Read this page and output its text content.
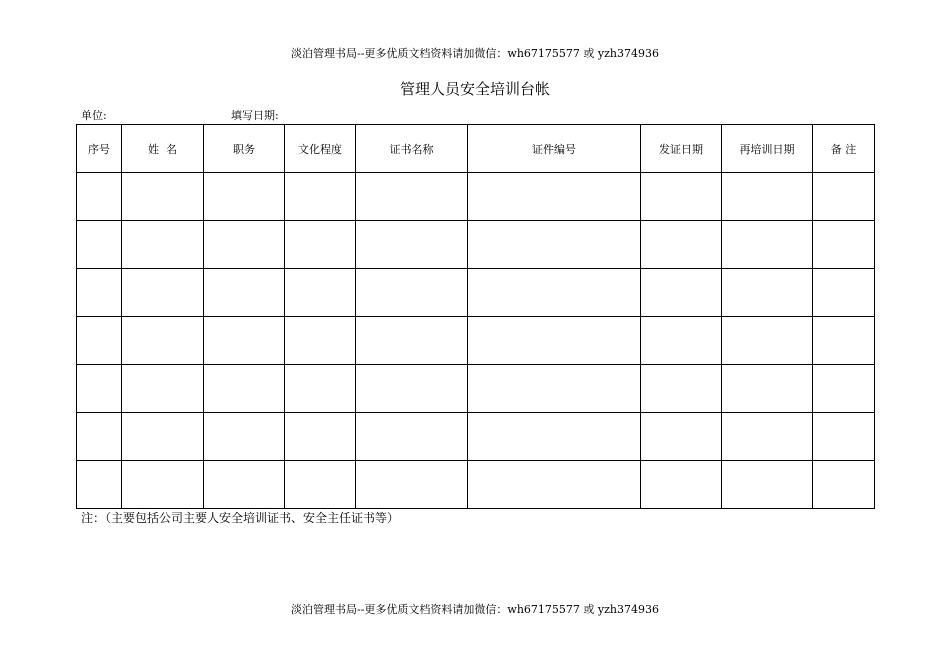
淡泊管理书局--更多优质文档资料请加微信：wh67175577 或 yzh374936
管理人员安全培训台帐
单位:	填写日期:
序号	姓  名	职务	文化程度	证书名称	证件编号	发证日期	再培训日期	备 注

注：（主要包括公司主要人安全培训证书、安全主任证书等）
淡泊管理书局--更多优质文档资料请加微信：wh67175577 或 yzh374936
